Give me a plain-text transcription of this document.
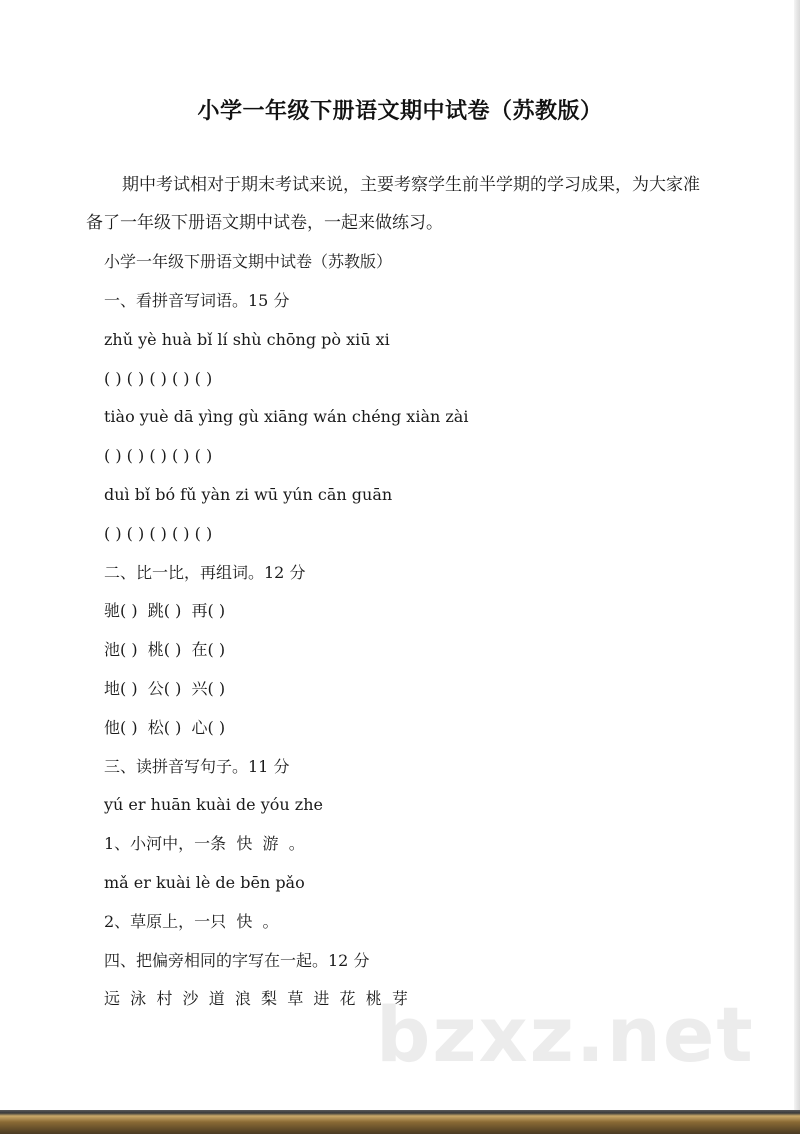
小学一年级下册语文期中试卷（苏教版）
期中考试相对于期末考试来说，主要考察学生前半学期的学习成果，为大家准备了一年级下册语文期中试卷，一起来做练习。
小学一年级下册语文期中试卷（苏教版）
一、看拼音写词语。15 分
zhǔ yè huà bǐ lí shù chōng pò xiū xi
( ) ( ) ( ) ( ) ( )
tiào yuè dā yìng gù xiāng wán chéng xiàn zài
( ) ( ) ( ) ( ) ( )
duì bǐ bó fǔ yàn zi wū yún cān guān
( ) ( ) ( ) ( ) ( )
二、比一比，再组词。12 分
驰( )  跳( )  再( )
池( )  桃( )  在( )
地( )  公( )  兴( )
他( )  松( )  心( )
三、读拼音写句子。11 分
yú er huān kuài de yóu zhe
1、小河中，一条  快  游  。
mǎ er kuài lè de bēn pǎo
2、草原上，一只  快  。
四、把偏旁相同的字写在一起。12 分
远  泳  村  沙  道  浪  梨  草  进  花  桃  芽
bzxz.net
